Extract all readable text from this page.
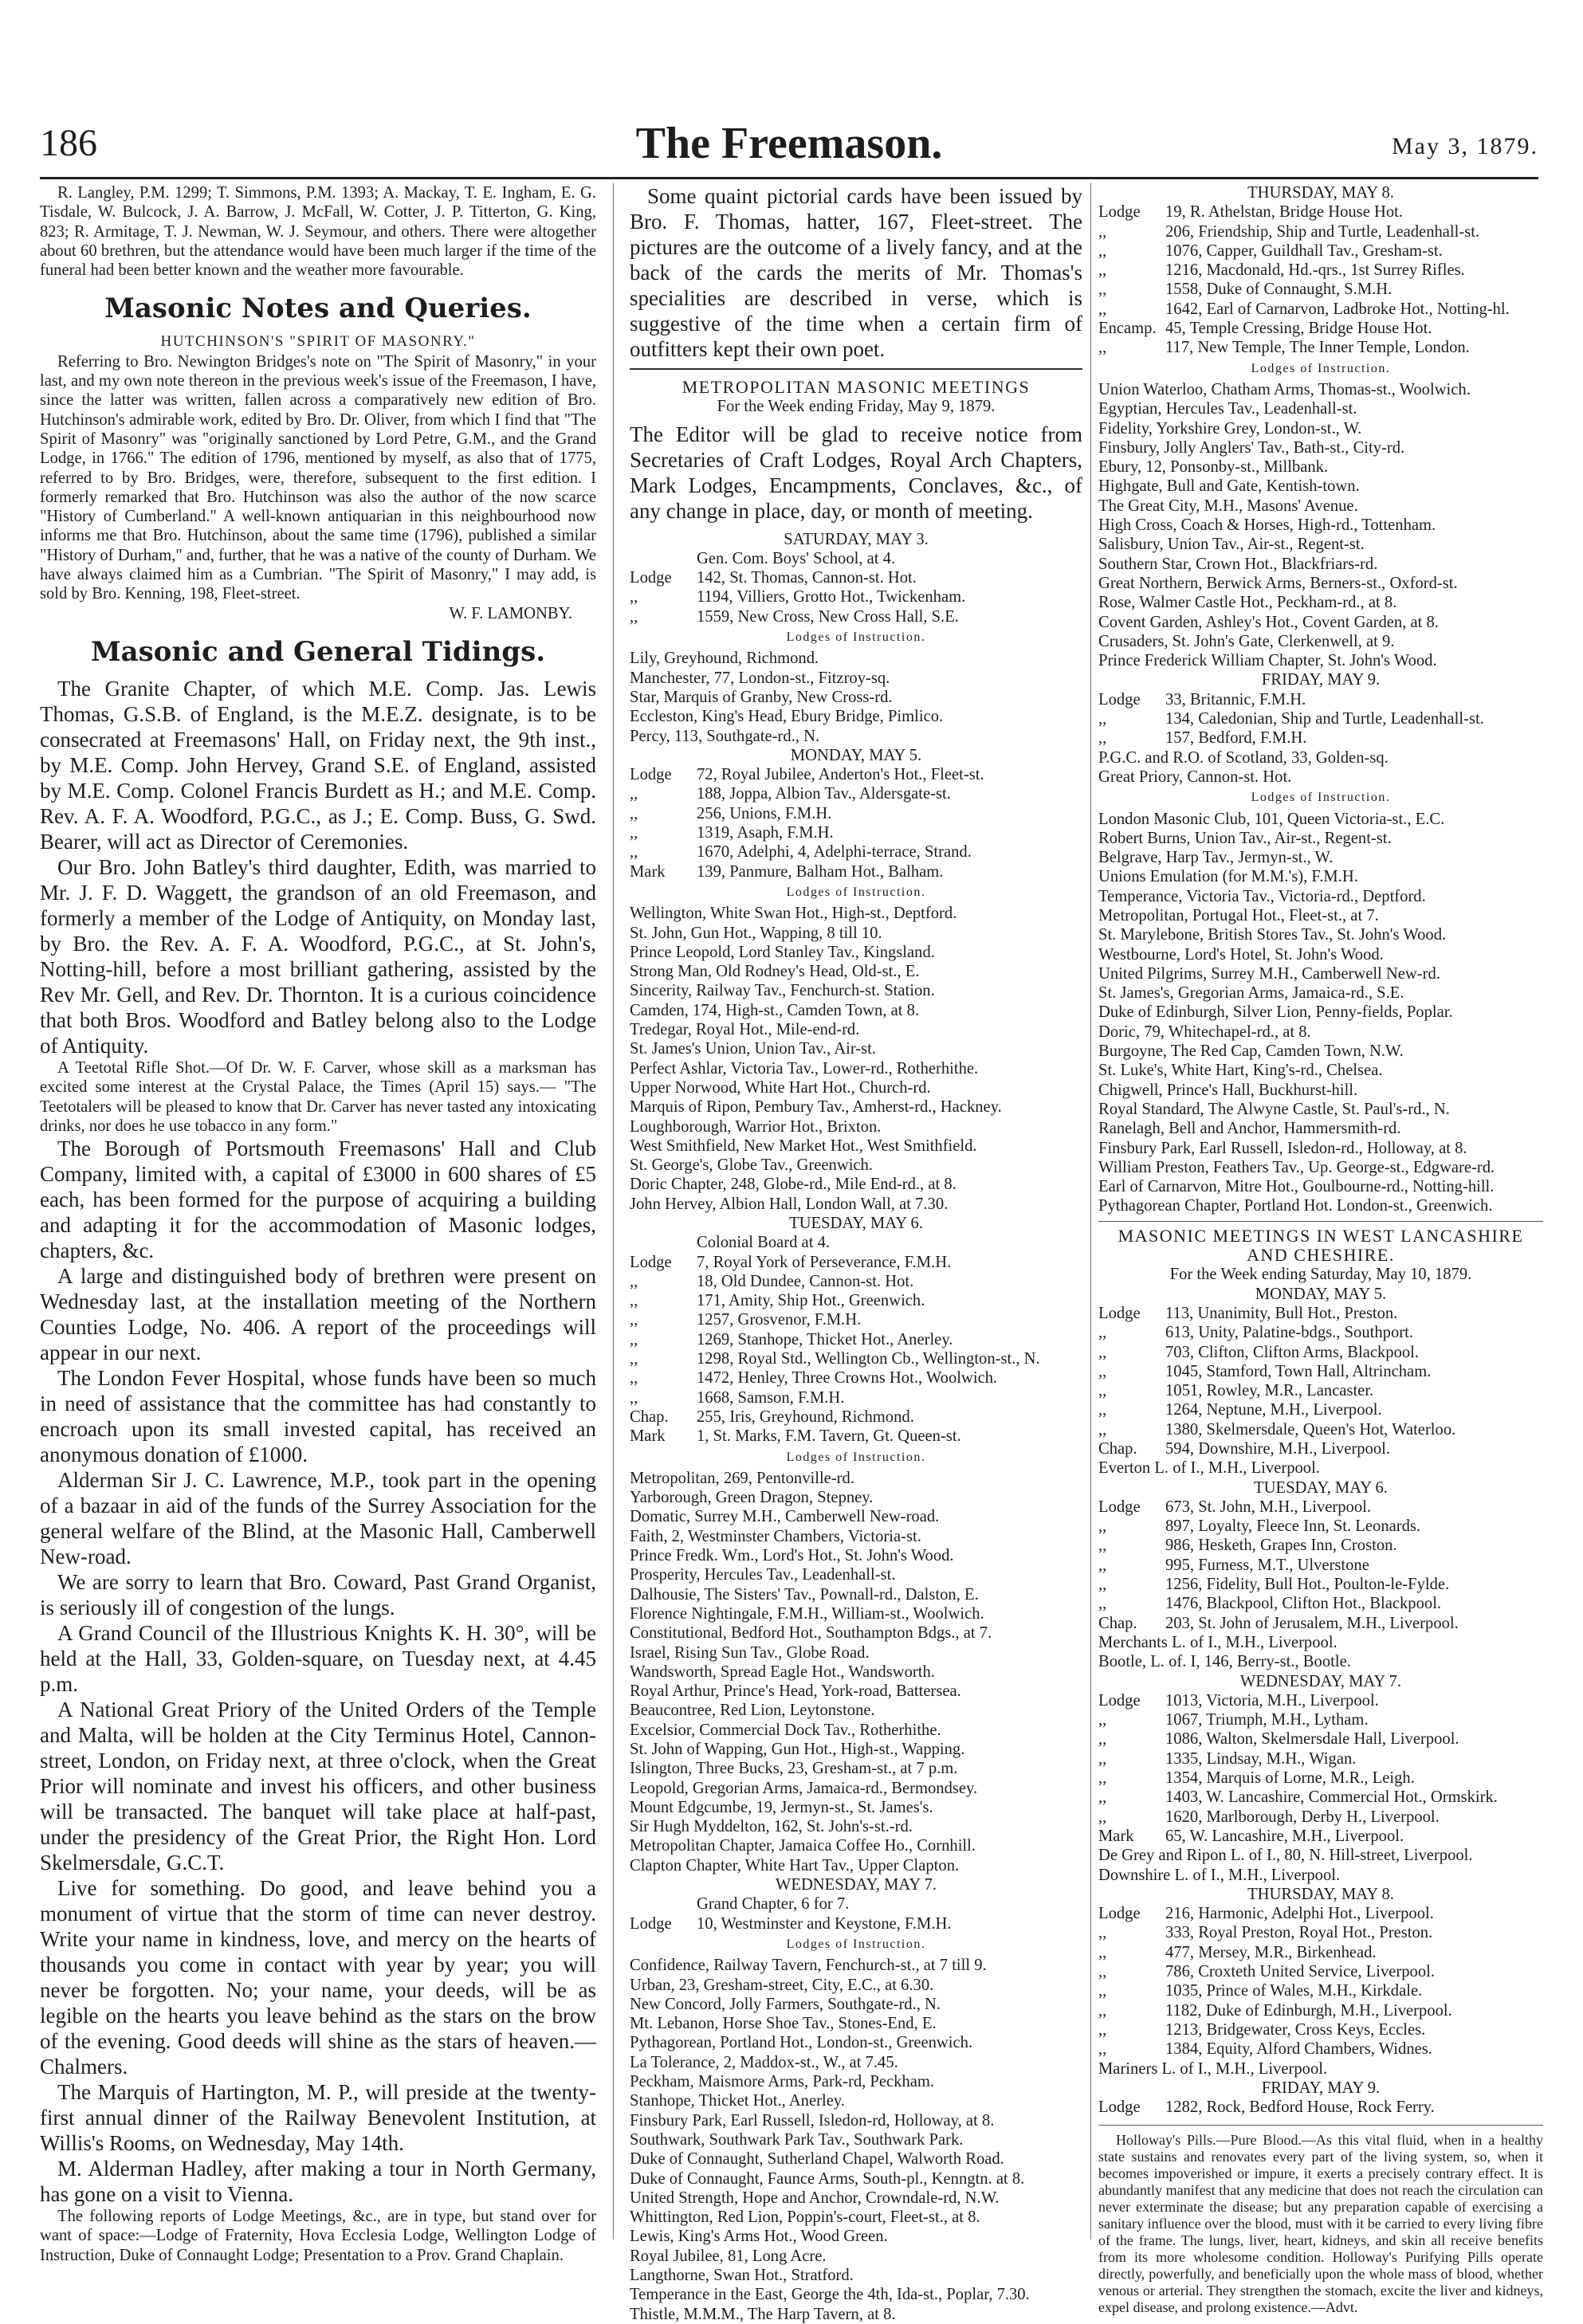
186	The Freemason.	May 3, 1879.

R. Langley, P.M. 1299; T. Simmons, P.M. 1393; A. Mackay, T. E. Ingham, E. G. Tisdale, W. Bulcock, J. A. Barrow, J. McFall, W. Cotter, J. P. Titterton, G. King, 823; R. Armitage, T. J. Newman, W. J. Seymour, and others. There were altogether about 60 brethren, but the attendance would have been much larger if the time of the funeral had been better known and the weather more favourable.

Masonic Notes and Queries.
HUTCHINSON'S "SPIRIT OF MASONRY."

Referring to Bro. Newington Bridges's note on "The Spirit of Masonry," in your last, and my own note thereon in the previous week's issue of the Freemason, I have, since the latter was written, fallen across a comparatively new edition of Bro. Hutchinson's admirable work, edited by Bro. Dr. Oliver, from which I find that "The Spirit of Masonry" was "originally sanctioned by Lord Petre, G.M., and the Grand Lodge, in 1766." The edition of 1796, mentioned by myself, as also that of 1775, referred to by Bro. Bridges, were, therefore, subsequent to the first edition. I formerly remarked that Bro. Hutchinson was also the author of the now scarce "History of Cumberland." A well-known antiquarian in this neighbourhood now informs me that Bro. Hutchinson, about the same time (1796), published a similar "History of Durham," and, further, that he was a native of the county of Durham. We have always claimed him as a Cumbrian. "The Spirit of Masonry," I may add, is sold by Bro. Kenning, 198, Fleet-street.

W. F. LAMONBY.
Masonic and General Tidings.

The Granite Chapter, of which M.E. Comp. Jas. Lewis Thomas, G.S.B. of England, is the M.E.Z. designate, is to be consecrated at Freemasons' Hall, on Friday next, the 9th inst., by M.E. Comp. John Hervey, Grand S.E. of England, assisted by M.E. Comp. Colonel Francis Burdett as H.; and M.E. Comp. Rev. A. F. A. Woodford, P.G.C., as J.; E. Comp. Buss, G. Swd. Bearer, will act as Director of Ceremonies.

Our Bro. John Batley's third daughter, Edith, was married to Mr. J. F. D. Waggett, the grandson of an old Freemason, and formerly a member of the Lodge of Antiquity, on Monday last, by Bro. the Rev. A. F. A. Woodford, P.G.C., at St. John's, Notting-hill, before a most brilliant gathering, assisted by the Rev Mr. Gell, and Rev. Dr. Thornton. It is a curious coincidence that both Bros. Woodford and Batley belong also to the Lodge of Antiquity.

A Teetotal Rifle Shot.—Of Dr. W. F. Carver, whose skill as a marksman has excited some interest at the Crystal Palace, the Times (April 15) says.— "The Teetotalers will be pleased to know that Dr. Carver has never tasted any intoxicating drinks, nor does he use tobacco in any form."

The Borough of Portsmouth Freemasons' Hall and Club Company, limited with, a capital of £3000 in 600 shares of £5 each, has been formed for the purpose of acquiring a building and adapting it for the accommodation of Masonic lodges, chapters, &c.

A large and distinguished body of brethren were present on Wednesday last, at the installation meeting of the Northern Counties Lodge, No. 406. A report of the proceedings will appear in our next.

The London Fever Hospital, whose funds have been so much in need of assistance that the committee has had constantly to encroach upon its small invested capital, has received an anonymous donation of £1000.

Alderman Sir J. C. Lawrence, M.P., took part in the opening of a bazaar in aid of the funds of the Surrey Association for the general welfare of the Blind, at the Masonic Hall, Camberwell New-road.

We are sorry to learn that Bro. Coward, Past Grand Organist, is seriously ill of congestion of the lungs.

A Grand Council of the Illustrious Knights K. H. 30°, will be held at the Hall, 33, Golden-square, on Tuesday next, at 4.45 p.m.

A National Great Priory of the United Orders of the Temple and Malta, will be holden at the City Terminus Hotel, Cannon-street, London, on Friday next, at three o'clock, when the Great Prior will nominate and invest his officers, and other business will be transacted. The banquet will take place at half-past, under the presidency of the Great Prior, the Right Hon. Lord Skelmersdale, G.C.T.

Live for something. Do good, and leave behind you a monument of virtue that the storm of time can never destroy. Write your name in kindness, love, and mercy on the hearts of thousands you come in contact with year by year; you will never be forgotten. No; your name, your deeds, will be as legible on the hearts you leave behind as the stars on the brow of the evening. Good deeds will shine as the stars of heaven.—Chalmers.

The Marquis of Hartington, M. P., will preside at the twenty-first annual dinner of the Railway Benevolent Institution, at Willis's Rooms, on Wednesday, May 14th.

M. Alderman Hadley, after making a tour in North Germany, has gone on a visit to Vienna.

The following reports of Lodge Meetings, &c., are in type, but stand over for want of space:—Lodge of Fraternity, Hova Ecclesia Lodge, Wellington Lodge of Instruction, Duke of Connaught Lodge; Presentation to a Prov. Grand Chaplain.

Some quaint pictorial cards have been issued by Bro. F. Thomas, hatter, 167, Fleet-street. The pictures are the outcome of a lively fancy, and at the back of the cards the merits of Mr. Thomas's specialities are described in verse, which is suggestive of the time when a certain firm of outfitters kept their own poet.

METROPOLITAN MASONIC MEETINGS
For the Week ending Friday, May 9, 1879.

The Editor will be glad to receive notice from Secretaries of Craft Lodges, Royal Arch Chapters, Mark Lodges, Encampments, Conclaves, &c., of any change in place, day, or month of meeting.

SATURDAY, MAY 3.
Gen. Com. Boys' School, at 4.
Lodge	142, St. Thomas, Cannon-st. Hot.
,,	1194, Villiers, Grotto Hot., Twickenham.
,,	1559, New Cross, New Cross Hall, S.E.
Lodges of Instruction.
Lily, Greyhound, Richmond.
Manchester, 77, London-st., Fitzroy-sq.
Star, Marquis of Granby, New Cross-rd.
Eccleston, King's Head, Ebury Bridge, Pimlico.
Percy, 113, Southgate-rd., N.
MONDAY, MAY 5.
Lodge	72, Royal Jubilee, Anderton's Hot., Fleet-st.
,,	188, Joppa, Albion Tav., Aldersgate-st.
,,	256, Unions, F.M.H.
,,	1319, Asaph, F.M.H.
,,	1670, Adelphi, 4, Adelphi-terrace, Strand.
Mark	139, Panmure, Balham Hot., Balham.
Lodges of Instruction.
Wellington, White Swan Hot., High-st., Deptford.
St. John, Gun Hot., Wapping, 8 till 10.
Prince Leopold, Lord Stanley Tav., Kingsland.
Strong Man, Old Rodney's Head, Old-st., E.
Sincerity, Railway Tav., Fenchurch-st. Station.
Camden, 174, High-st., Camden Town, at 8.
Tredegar, Royal Hot., Mile-end-rd.
St. James's Union, Union Tav., Air-st.
Perfect Ashlar, Victoria Tav., Lower-rd., Rotherhithe.
Upper Norwood, White Hart Hot., Church-rd.
Marquis of Ripon, Pembury Tav., Amherst-rd., Hackney.
Loughborough, Warrior Hot., Brixton.
West Smithfield, New Market Hot., West Smithfield.
St. George's, Globe Tav., Greenwich.
Doric Chapter, 248, Globe-rd., Mile End-rd., at 8.
John Hervey, Albion Hall, London Wall, at 7.30.
TUESDAY, MAY 6.
Colonial Board at 4.
Lodge	7, Royal York of Perseverance, F.M.H.
,,	18, Old Dundee, Cannon-st. Hot.
,,	171, Amity, Ship Hot., Greenwich.
,,	1257, Grosvenor, F.M.H.
,,	1269, Stanhope, Thicket Hot., Anerley.
,,	1298, Royal Std., Wellington Cb., Wellington-st., N.
,,	1472, Henley, Three Crowns Hot., Woolwich.
,,	1668, Samson, F.M.H.
Chap.	255, Iris, Greyhound, Richmond.
Mark	1, St. Marks, F.M. Tavern, Gt. Queen-st.
Lodges of Instruction.
Metropolitan, 269, Pentonville-rd.
Yarborough, Green Dragon, Stepney.
Domatic, Surrey M.H., Camberwell New-road.
Faith, 2, Westminster Chambers, Victoria-st.
Prince Fredk. Wm., Lord's Hot., St. John's Wood.
Prosperity, Hercules Tav., Leadenhall-st.
Dalhousie, The Sisters' Tav., Pownall-rd., Dalston, E.
Florence Nightingale, F.M.H., William-st., Woolwich.
Constitutional, Bedford Hot., Southampton Bdgs., at 7.
Israel, Rising Sun Tav., Globe Road.
Wandsworth, Spread Eagle Hot., Wandsworth.
Royal Arthur, Prince's Head, York-road, Battersea.
Beaucontree, Red Lion, Leytonstone.
Excelsior, Commercial Dock Tav., Rotherhithe.
St. John of Wapping, Gun Hot., High-st., Wapping.
Islington, Three Bucks, 23, Gresham-st., at 7 p.m.
Leopold, Gregorian Arms, Jamaica-rd., Bermondsey.
Mount Edgcumbe, 19, Jermyn-st., St. James's.
Sir Hugh Myddelton, 162, St. John's-st.-rd.
Metropolitan Chapter, Jamaica Coffee Ho., Cornhill.
Clapton Chapter, White Hart Tav., Upper Clapton.
WEDNESDAY, MAY 7.
Grand Chapter, 6 for 7.
Lodge	10, Westminster and Keystone, F.M.H.
Lodges of Instruction.
Confidence, Railway Tavern, Fenchurch-st., at 7 till 9.
Urban, 23, Gresham-street, City, E.C., at 6.30.
New Concord, Jolly Farmers, Southgate-rd., N.
Mt. Lebanon, Horse Shoe Tav., Stones-End, E.
Pythagorean, Portland Hot., London-st., Greenwich.
La Tolerance, 2, Maddox-st., W., at 7.45.
Peckham, Maismore Arms, Park-rd, Peckham.
Stanhope, Thicket Hot., Anerley.
Finsbury Park, Earl Russell, Isledon-rd, Holloway, at 8.
Southwark, Southwark Park Tav., Southwark Park.
Duke of Connaught, Sutherland Chapel, Walworth Road.
Duke of Connaught, Faunce Arms, South-pl., Kenngtn. at 8.
United Strength, Hope and Anchor, Crowndale-rd, N.W.
Whittington, Red Lion, Poppin's-court, Fleet-st., at 8.
Lewis, King's Arms Hot., Wood Green.
Royal Jubilee, 81, Long Acre.
Langthorne, Swan Hot., Stratford.
Temperance in the East, George the 4th, Ida-st., Poplar, 7.30.
Thistle, M.M.M., The Harp Tavern, at 8.
THURSDAY, MAY 8.
Lodge	19, R. Athelstan, Bridge House Hot.
,,	206, Friendship, Ship and Turtle, Leadenhall-st.
,,	1076, Capper, Guildhall Tav., Gresham-st.
,,	1216, Macdonald, Hd.-qrs., 1st Surrey Rifles.
,,	1558, Duke of Connaught, S.M.H.
,,	1642, Earl of Carnarvon, Ladbroke Hot., Notting-hl.
Encamp. 45, Temple Cressing, Bridge House Hot.
,,	117, New Temple, The Inner Temple, London.
Lodges of Instruction.
Union Waterloo, Chatham Arms, Thomas-st., Woolwich.
Egyptian, Hercules Tav., Leadenhall-st.
Fidelity, Yorkshire Grey, London-st., W.
Finsbury, Jolly Anglers' Tav., Bath-st., City-rd.
Ebury, 12, Ponsonby-st., Millbank.
Highgate, Bull and Gate, Kentish-town.
The Great City, M.H., Masons' Avenue.
High Cross, Coach & Horses, High-rd., Tottenham.
Salisbury, Union Tav., Air-st., Regent-st.
Southern Star, Crown Hot., Blackfriars-rd.
Great Northern, Berwick Arms, Berners-st., Oxford-st.
Rose, Walmer Castle Hot., Peckham-rd., at 8.
Covent Garden, Ashley's Hot., Covent Garden, at 8.
Crusaders, St. John's Gate, Clerkenwell, at 9.
Prince Frederick William Chapter, St. John's Wood.
FRIDAY, MAY 9.
Lodge	33, Britannic, F.M.H.
,,	134, Caledonian, Ship and Turtle, Leadenhall-st.
,,	157, Bedford, F.M.H.
P.G.C. and R.O. of Scotland, 33, Golden-sq.
Great Priory, Cannon-st. Hot.
Lodges of Instruction.
London Masonic Club, 101, Queen Victoria-st., E.C.
Robert Burns, Union Tav., Air-st., Regent-st.
Belgrave, Harp Tav., Jermyn-st., W.
Unions Emulation (for M.M.'s), F.M.H.
Temperance, Victoria Tav., Victoria-rd., Deptford.
Metropolitan, Portugal Hot., Fleet-st., at 7.
St. Marylebone, British Stores Tav., St. John's Wood.
Westbourne, Lord's Hotel, St. John's Wood.
United Pilgrims, Surrey M.H., Camberwell New-rd.
St. James's, Gregorian Arms, Jamaica-rd., S.E.
Duke of Edinburgh, Silver Lion, Penny-fields, Poplar.
Doric, 79, Whitechapel-rd., at 8.
Burgoyne, The Red Cap, Camden Town, N.W.
St. Luke's, White Hart, King's-rd., Chelsea.
Chigwell, Prince's Hall, Buckhurst-hill.
Royal Standard, The Alwyne Castle, St. Paul's-rd., N.
Ranelagh, Bell and Anchor, Hammersmith-rd.
Finsbury Park, Earl Russell, Isledon-rd., Holloway, at 8.
William Preston, Feathers Tav., Up. George-st., Edgware-rd.
Earl of Carnarvon, Mitre Hot., Goulbourne-rd., Notting-hill.
Pythagorean Chapter, Portland Hot. London-st., Greenwich.
MASONIC MEETINGS IN WEST LANCASHIRE AND CHESHIRE.
For the Week ending Saturday, May 10, 1879.
MONDAY, MAY 5.
Lodge	113, Unanimity, Bull Hot., Preston.
,,	613, Unity, Palatine-bdgs., Southport.
,,	703, Clifton, Clifton Arms, Blackpool.
,,	1045, Stamford, Town Hall, Altrincham.
,,	1051, Rowley, M.R., Lancaster.
,,	1264, Neptune, M.H., Liverpool.
,,	1380, Skelmersdale, Queen's Hot, Waterloo.
Chap.	594, Downshire, M.H., Liverpool.
Everton L. of I., M.H., Liverpool.
TUESDAY, MAY 6.
Lodge	673, St. John, M.H., Liverpool.
,,	897, Loyalty, Fleece Inn, St. Leonards.
,,	986, Hesketh, Grapes Inn, Croston.
,,	995, Furness, M.T., Ulverstone
,,	1256, Fidelity, Bull Hot., Poulton-le-Fylde.
,,	1476, Blackpool, Clifton Hot., Blackpool.
Chap.	203, St. John of Jerusalem, M.H., Liverpool.
Merchants L. of I., M.H., Liverpool.
Bootle, L. of. I, 146, Berry-st., Bootle.
WEDNESDAY, MAY 7.
Lodge	1013, Victoria, M.H., Liverpool.
,,	1067, Triumph, M.H., Lytham.
,,	1086, Walton, Skelmersdale Hall, Liverpool.
,,	1335, Lindsay, M.H., Wigan.
,,	1354, Marquis of Lorne, M.R., Leigh.
,,	1403, W. Lancashire, Commercial Hot., Ormskirk.
,,	1620, Marlborough, Derby H., Liverpool.
Mark	65, W. Lancashire, M.H., Liverpool.
De Grey and Ripon L. of I., 80, N. Hill-street, Liverpool.
Downshire L. of I., M.H., Liverpool.
THURSDAY, MAY 8.
Lodge	216, Harmonic, Adelphi Hot., Liverpool.
,,	333, Royal Preston, Royal Hot., Preston.
,,	477, Mersey, M.R., Birkenhead.
,,	786, Croxteth United Service, Liverpool.
,,	1035, Prince of Wales, M.H., Kirkdale.
,,	1182, Duke of Edinburgh, M.H., Liverpool.
,,	1213, Bridgewater, Cross Keys, Eccles.
,,	1384, Equity, Alford Chambers, Widnes.
Mariners L. of I., M.H., Liverpool.
FRIDAY, MAY 9.
Lodge	1282, Rock, Bedford House, Rock Ferry.

Holloway's Pills.—Pure Blood.—As this vital fluid, when in a healthy state sustains and renovates every part of the living system, so, when it becomes impoverished or impure, it exerts a precisely contrary effect. It is abundantly manifest that any medicine that does not reach the circulation can never exterminate the disease; but any preparation capable of exercising a sanitary influence over the blood, must with it be carried to every living fibre of the frame. The lungs, liver, heart, kidneys, and skin all receive benefits from its more wholesome condition. Holloway's Purifying Pills operate directly, powerfully, and beneficially upon the whole mass of blood, whether venous or arterial. They strengthen the stomach, excite the liver and kidneys, expel disease, and prolong existence.—Advt.
